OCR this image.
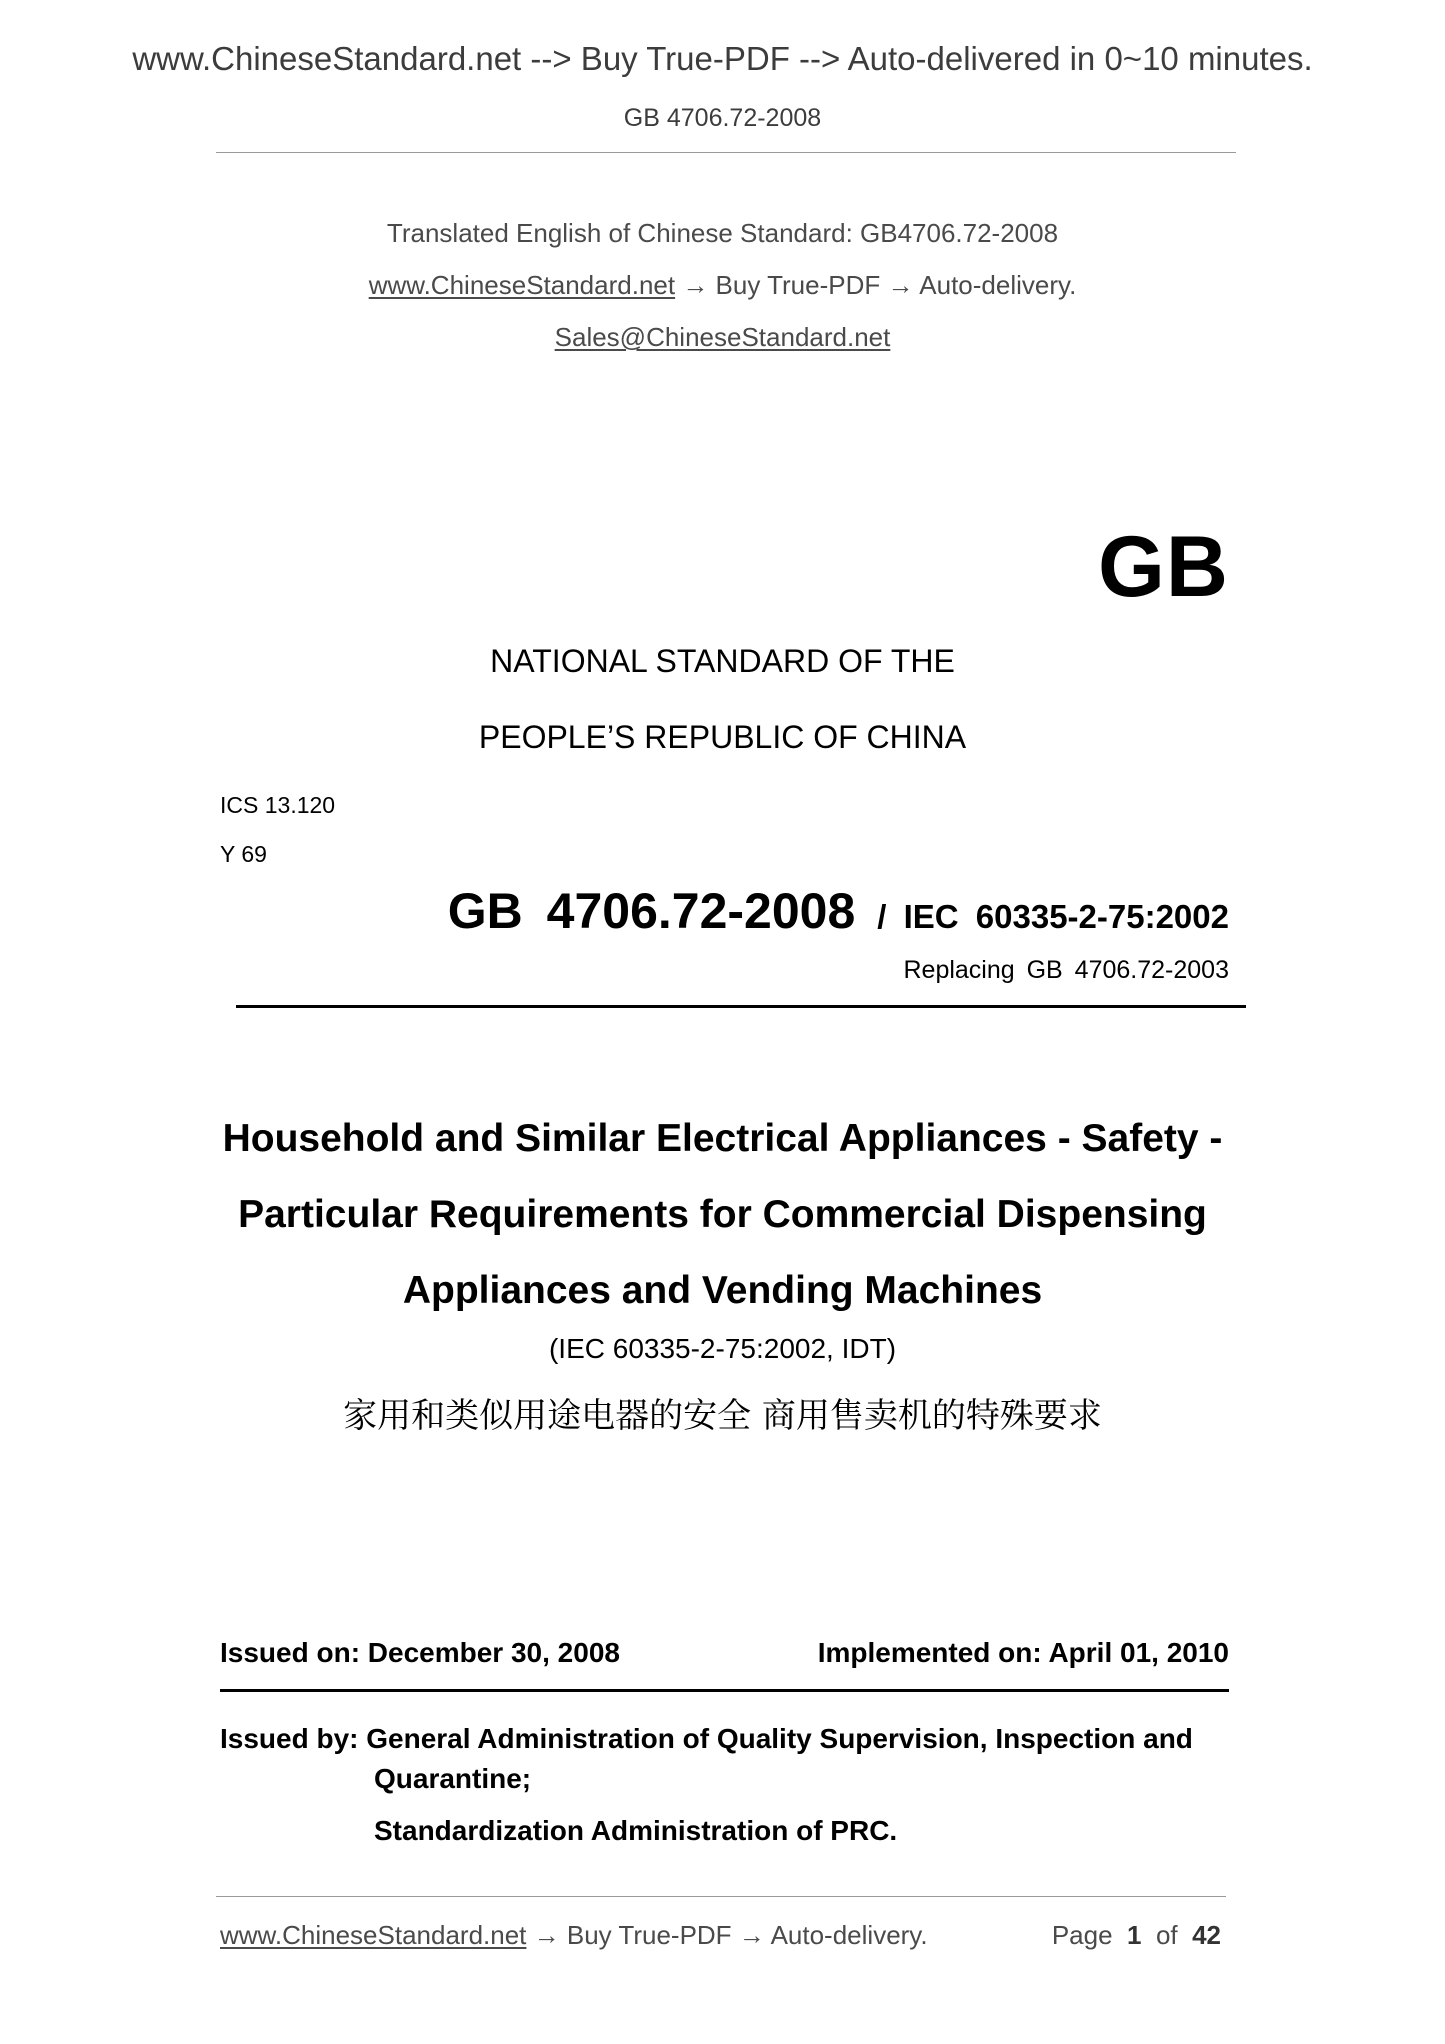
www.ChineseStandard.net --> Buy True-PDF --> Auto-delivered in 0~10 minutes.
GB 4706.72-2008
Translated English of Chinese Standard: GB4706.72-2008
www.ChineseStandard.net → Buy True-PDF → Auto-delivery.
Sales@ChineseStandard.net
GB
NATIONAL STANDARD OF THE
PEOPLE’S REPUBLIC OF CHINA
ICS 13.120
Y 69
GB 4706.72-2008 / IEC 60335-2-75:2002
Replacing GB 4706.72-2003
Household and Similar Electrical Appliances - Safety -
Particular Requirements for Commercial Dispensing
Appliances and Vending Machines
(IEC 60335-2-75:2002, IDT)
家用和类似用途电器的安全 商用售卖机的特殊要求
Issued on: December 30, 2008	Implemented on: April 01, 2010
Issued by: General Administration of Quality Supervision, Inspection and
Quarantine;
Standardization Administration of PRC.
www.ChineseStandard.net → Buy True-PDF → Auto-delivery.	Page 1 of 42
